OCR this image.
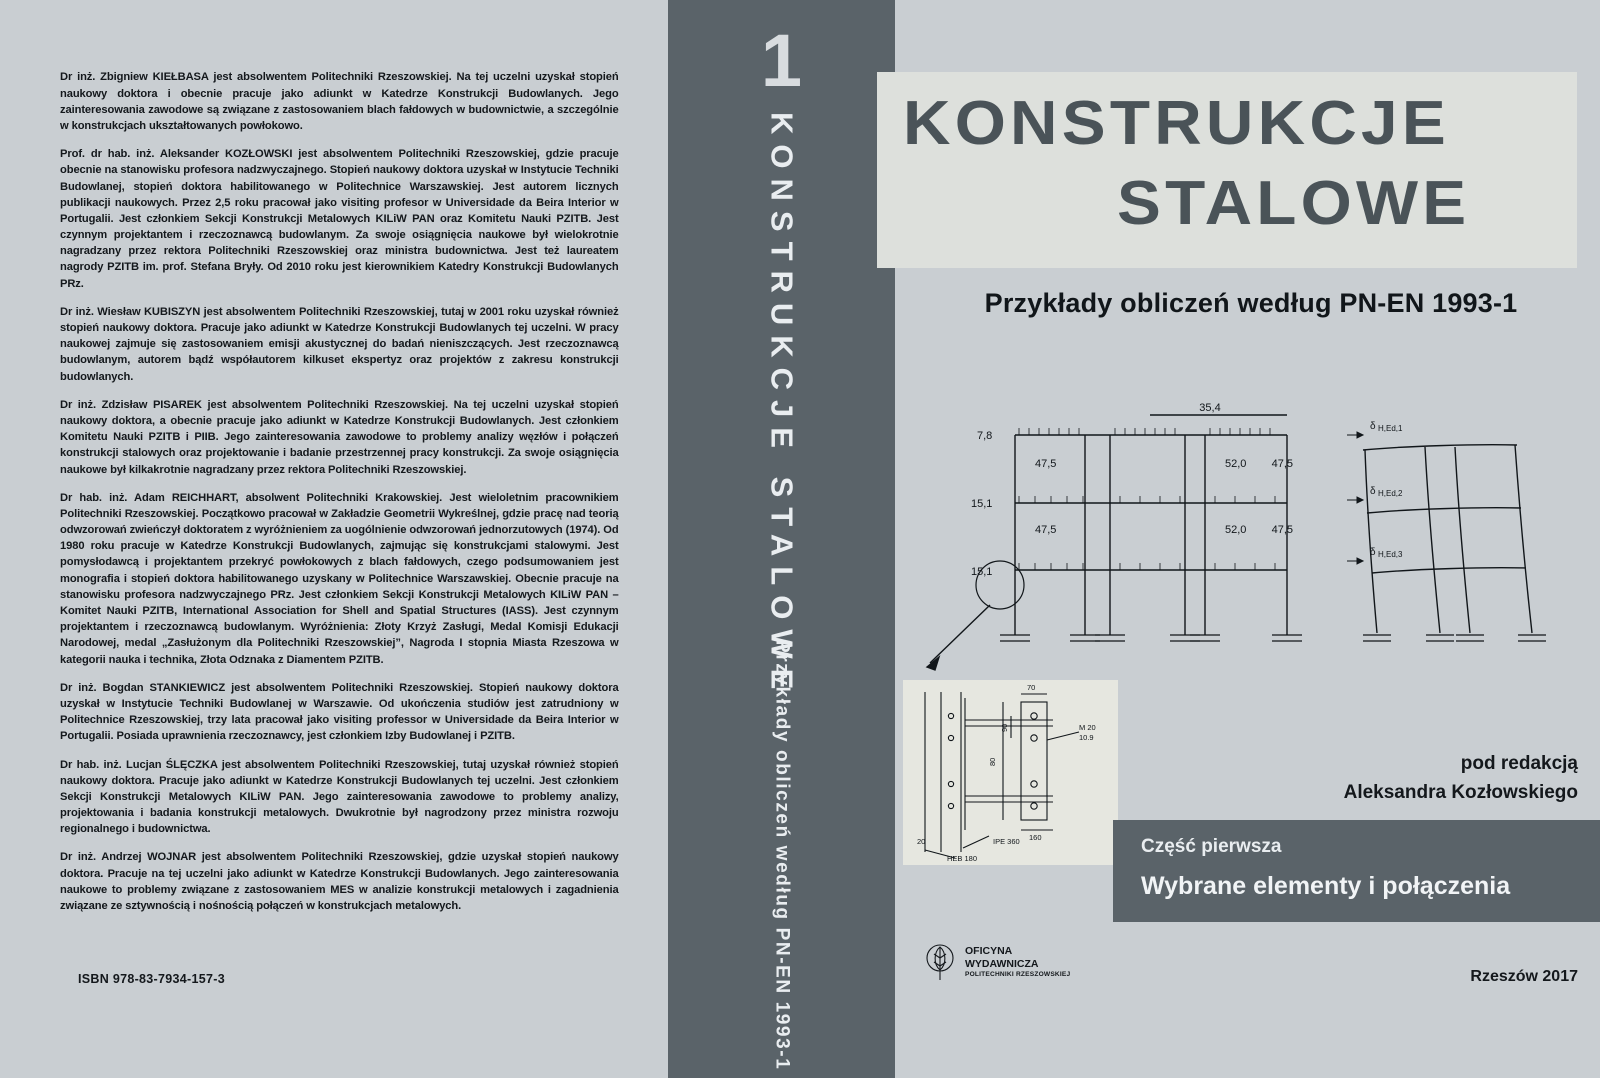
Dr inż. Zbigniew KIEŁBASA jest absolwentem Politechniki Rzeszowskiej. Na tej uczelni uzyskał stopień naukowy doktora i obecnie pracuje jako adiunkt w Katedrze Konstrukcji Budowlanych. Jego zainteresowania zawodowe są związane z zastosowaniem blach fałdowych w budownictwie, a szczególnie w konstrukcjach ukształtowanych powłokowo.

Prof. dr hab. inż. Aleksander KOZŁOWSKI jest absolwentem Politechniki Rzeszowskiej, gdzie pracuje obecnie na stanowisku profesora nadzwyczajnego. Stopień naukowy doktora uzyskał w Instytucie Techniki Budowlanej, stopień doktora habilitowanego w Politechnice Warszawskiej. Jest autorem licznych publikacji naukowych. Przez 2,5 roku pracował jako visiting profesor w Universidade da Beira Interior w Portugalii. Jest członkiem Sekcji Konstrukcji Metalowych KILiW PAN oraz Komitetu Nauki PZITB. Jest czynnym projektantem i rzeczoznawcą budowlanym. Za swoje osiągnięcia naukowe był wielokrotnie nagradzany przez rektora Politechniki Rzeszowskiej oraz ministra budownictwa. Jest też laureatem nagrody PZITB im. prof. Stefana Bryły. Od 2010 roku jest kierownikiem Katedry Konstrukcji Budowlanych PRz.

Dr inż. Wiesław KUBISZYN jest absolwentem Politechniki Rzeszowskiej, tutaj w 2001 roku uzyskał również stopień naukowy doktora. Pracuje jako adiunkt w Katedrze Konstrukcji Budowlanych tej uczelni. W pracy naukowej zajmuje się zastosowaniem emisji akustycznej do badań nieniszczących. Jest rzeczoznawcą budowlanym, autorem bądź współautorem kilkuset ekspertyz oraz projektów z zakresu konstrukcji budowlanych.

Dr inż. Zdzisław PISAREK jest absolwentem Politechniki Rzeszowskiej. Na tej uczelni uzyskał stopień naukowy doktora, a obecnie pracuje jako adiunkt w Katedrze Konstrukcji Budowlanych. Jest członkiem Komitetu Nauki PZITB i PIIB. Jego zainteresowania zawodowe to problemy analizy węzłów i połączeń konstrukcji stalowych oraz projektowanie i badanie przestrzennej pracy konstrukcji. Za swoje osiągnięcia naukowe był kilkakrotnie nagradzany przez rektora Politechniki Rzeszowskiej.

Dr hab. inż. Adam REICHHART, absolwent Politechniki Krakowskiej. Jest wieloletnim pracownikiem Politechniki Rzeszowskiej. Początkowo pracował w Zakładzie Geometrii Wykreślnej, gdzie pracę nad teorią odwzorowań zwieńczył doktoratem z wyróżnieniem za uogólnienie odwzorowań jednorzutowych (1974). Od 1980 roku pracuje w Katedrze Konstrukcji Budowlanych, zajmując się konstrukcjami stalowymi. Jest pomysłodawcą i projektantem przekryć powłokowych z blach fałdowych, czego podsumowaniem jest monografia i stopień doktora habilitowanego uzyskany w Politechnice Warszawskiej. Obecnie pracuje na stanowisku profesora nadzwyczajnego PRz. Jest członkiem Sekcji Konstrukcji Metalowych KILiW PAN – Komitet Nauki PZITB, International Association for Shell and Spatial Structures (IASS). Jest czynnym projektantem i rzeczoznawcą budowlanym. Wyróżnienia: Złoty Krzyż Zasługi, Medal Komisji Edukacji Narodowej, medal „Zasłużonym dla Politechniki Rzeszowskiej”, Nagroda I stopnia Miasta Rzeszowa w kategorii nauka i technika, Złota Odznaka z Diamentem PZITB.

Dr inż. Bogdan STANKIEWICZ jest absolwentem Politechniki Rzeszowskiej. Stopień naukowy doktora uzyskał w Instytucie Techniki Budowlanej w Warszawie. Od ukończenia studiów jest zatrudniony w Politechnice Rzeszowskiej, trzy lata pracował jako visiting professor w Universidade da Beira Interior w Portugalii. Posiada uprawnienia rzeczoznawcy, jest członkiem Izby Budowlanej i PZITB.

Dr hab. inż. Lucjan ŚLĘCZKA jest absolwentem Politechniki Rzeszowskiej, tutaj uzyskał również stopień naukowy doktora. Pracuje jako adiunkt w Katedrze Konstrukcji Budowlanych tej uczelni. Jest członkiem Sekcji Konstrukcji Metalowych KILiW PAN. Jego zainteresowania zawodowe to problemy analizy, projektowania i badania konstrukcji metalowych. Dwukrotnie był nagrodzony przez ministra rozwoju regionalnego i budownictwa.

Dr inż. Andrzej WOJNAR jest absolwentem Politechniki Rzeszowskiej, gdzie uzyskał stopień naukowy doktora. Pracuje na tej uczelni jako adiunkt w Katedrze Konstrukcji Budowlanych. Jego zainteresowania naukowe to problemy związane z zastosowaniem MES w analizie konstrukcji metalowych i zagadnienia związane ze sztywnością i nośnością połączeń w konstrukcjach metalowych.

ISBN 978-83-7934-157-3
1
KONSTRUKCJE STALOWE
Przykłady obliczeń według PN-EN 1993-1
KONSTRUKCJE
STALOWE
Przykłady obliczeń według PN-EN 1993-1
35,4
7,8
15,1
15,1
47,5
47,5
52,0
52,0
47,5
47,5
δ H,Ed,1
δ H,Ed,2
δ H,Ed,3
70
M 20
10.9
160
IPE 360
20
80
90
HEB 180
pod redakcją
Aleksandra Kozłowskiego
Część pierwsza
Wybrane elementy i połączenia
OFICYNA
WYDAWNICZA
POLITECHNIKI RZESZOWSKIEJ	Rzeszów 2017
